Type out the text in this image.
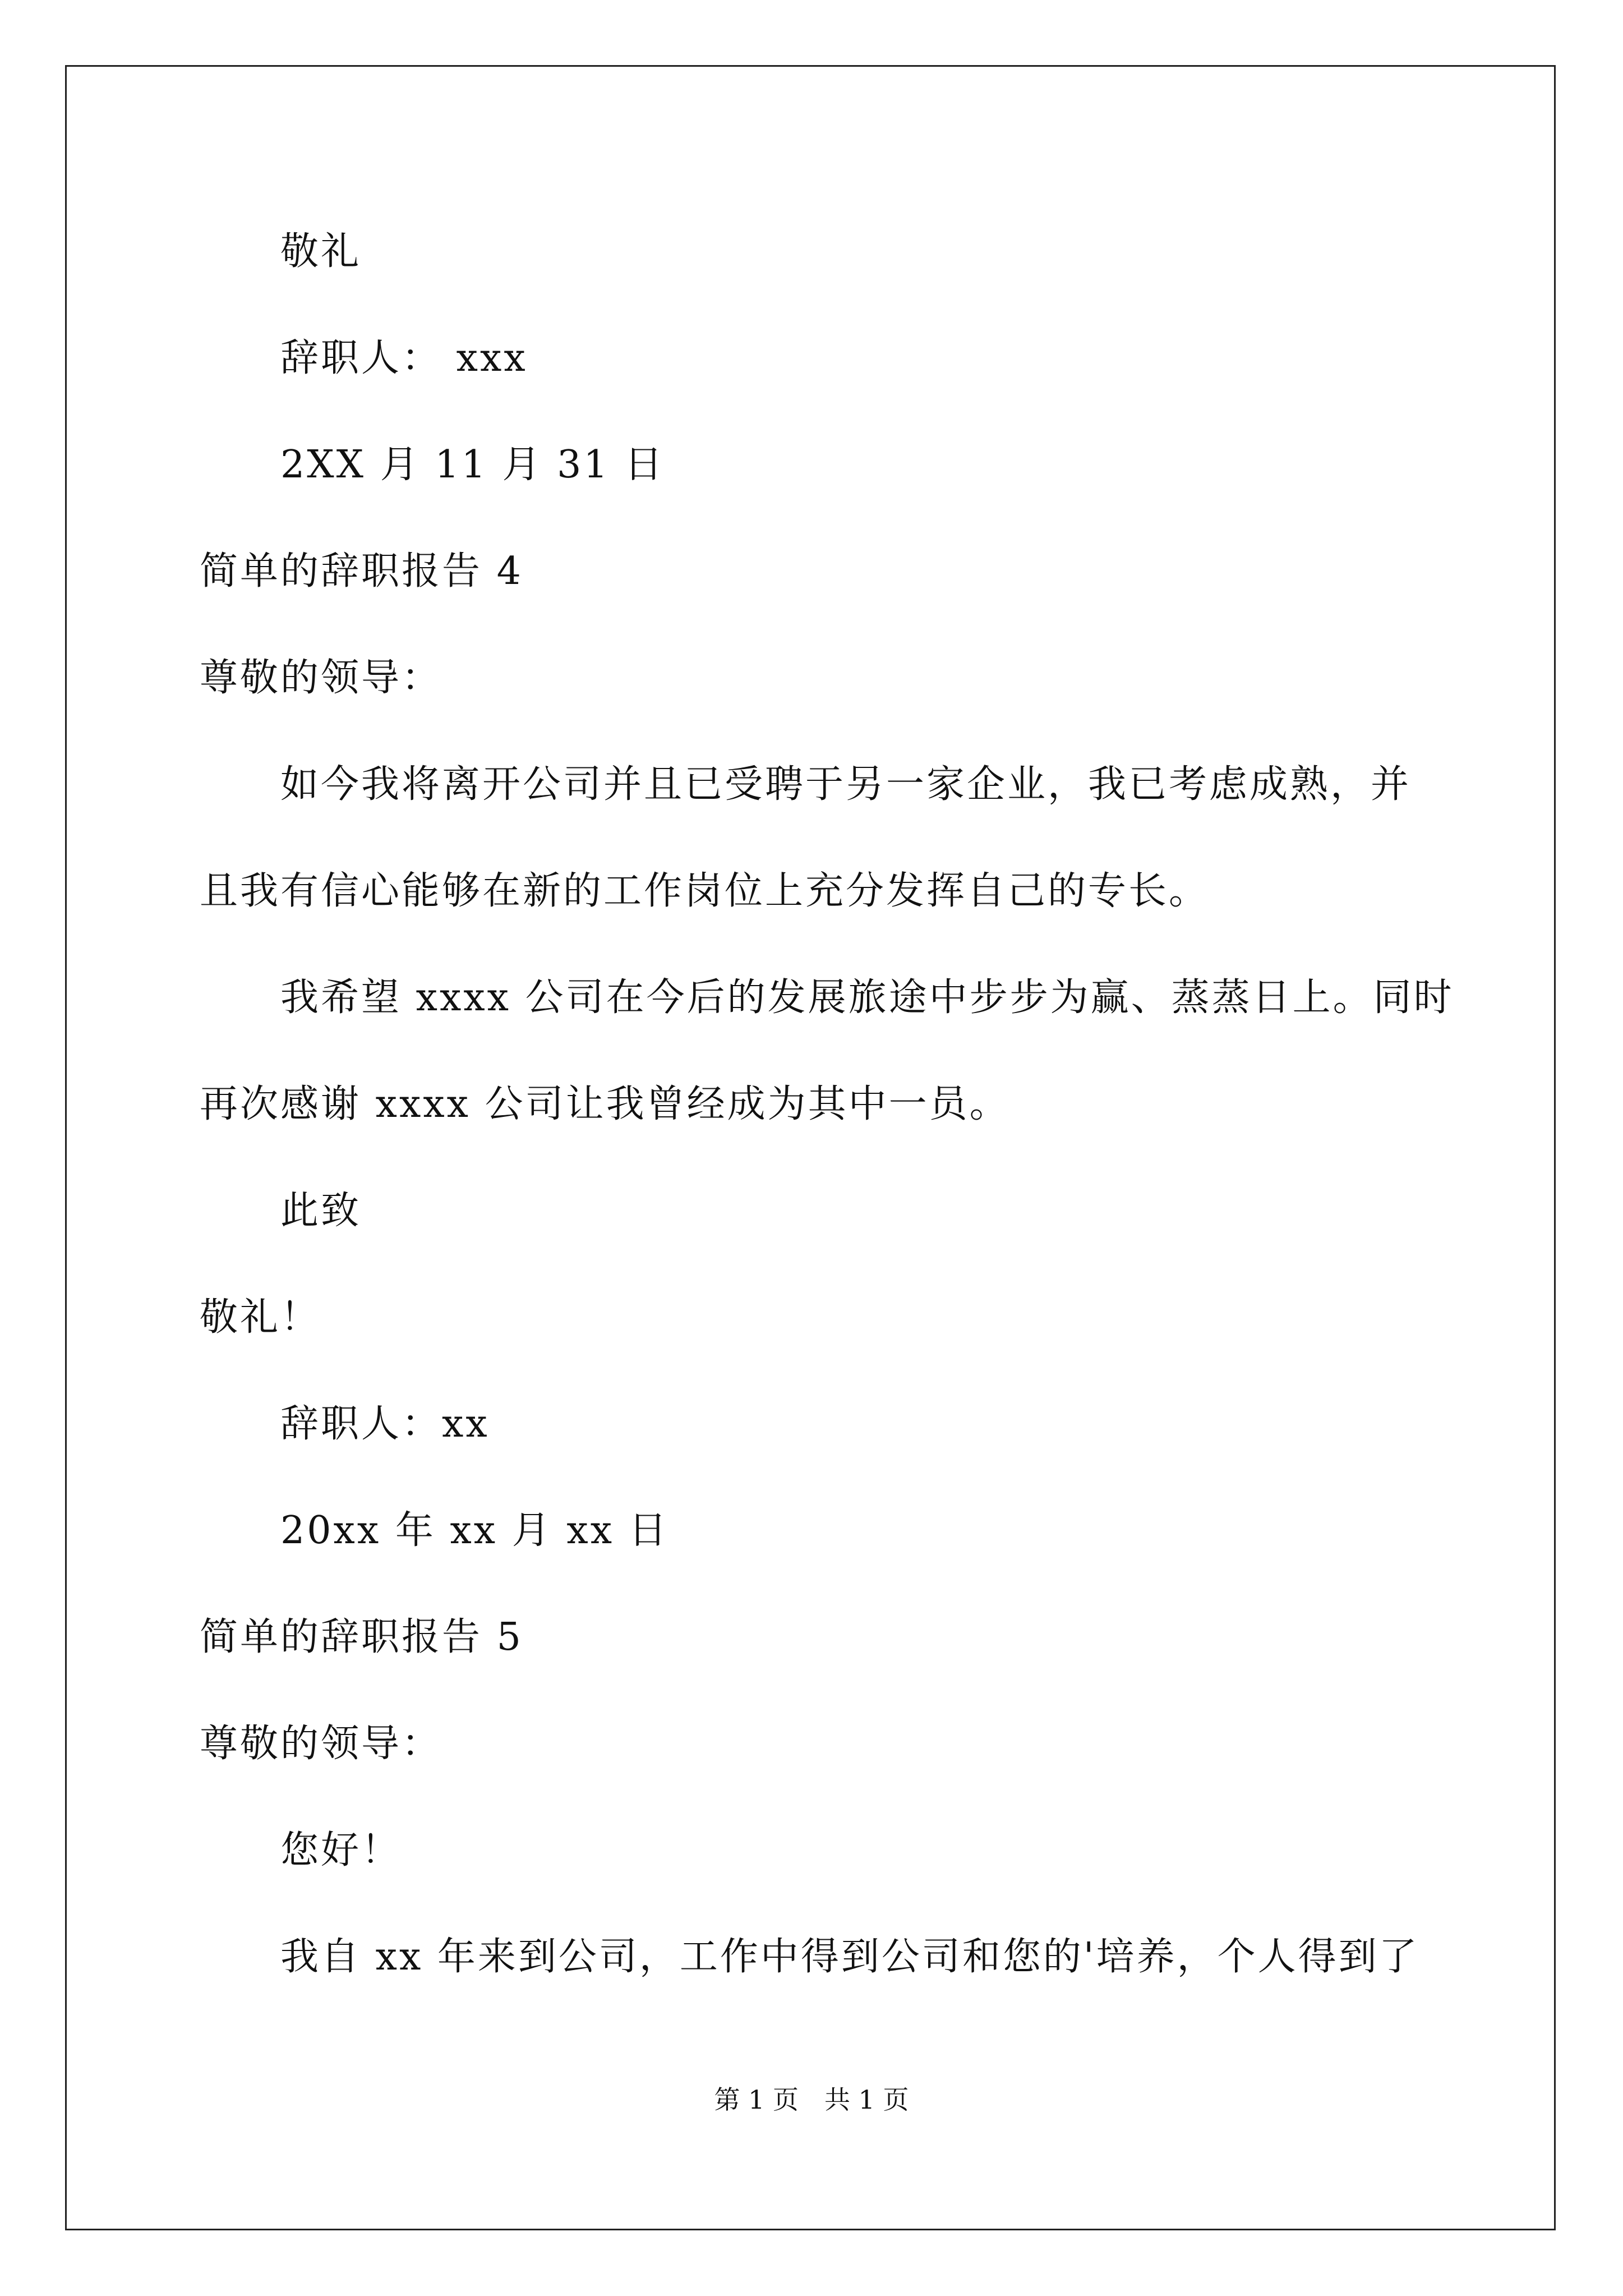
敬礼
辞职人： xxx
2XX 月 11 月 31 日
简单的辞职报告 4
尊敬的领导：
如今我将离开公司并且已受聘于另一家企业，我已考虑成熟，并
且我有信心能够在新的工作岗位上充分发挥自己的专长。
我希望 xxxx 公司在今后的发展旅途中步步为赢、蒸蒸日上。同时
再次感谢 xxxx 公司让我曾经成为其中一员。
此致
敬礼！
辞职人：xx
20xx 年 xx 月 xx 日
简单的辞职报告 5
尊敬的领导：
您好！
我自 xx 年来到公司，工作中得到公司和您的'培养，个人得到了
第 1 页　共 1 页
